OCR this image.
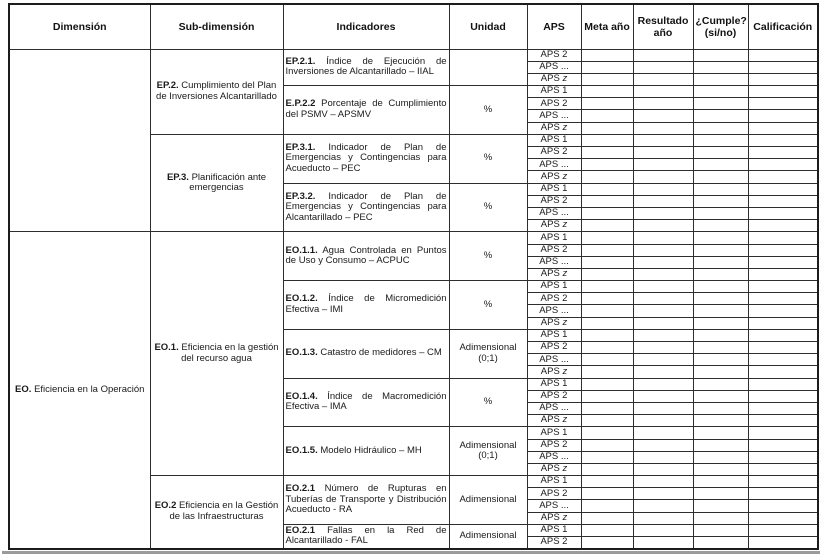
Dimensión	Sub-dimensión	Indicadores	Unidad	APS	Meta año	Resultado año	¿Cumple? (si/no)	Calificación
	EP.2. Cumplimiento del Plan de Inversiones Alcantarillado	EP.2.1. Índice de Ejecución de Inversiones de Alcantarillado – IIAL		APS 2				
				APS ...				
				APS z				
		E.P.2.2 Porcentaje de Cumplimiento del PSMV – APSMV	%	APS 1				
				APS 2				
				APS ...				
				APS z				
	EP.3. Planificación ante emergencias	EP.3.1. Indicador de Plan de Emergencias y Contingencias para Acueducto – PEC	%	APS 1				
				APS 2				
				APS ...				
				APS z				
		EP.3.2. Indicador de Plan de Emergencias y Contingencias para Alcantarillado – PEC	%	APS 1				
				APS 2				
				APS ...				
				APS z				
EO. Eficiencia en la Operación	EO.1. Eficiencia en la gestión del recurso agua	EO.1.1. Agua Controlada en Puntos de Uso y Consumo – ACPUC	%	APS 1				
				APS 2				
				APS ...				
				APS z				
		EO.1.2. Índice de Micromedición Efectiva – IMI	%	APS 1				
				APS 2				
				APS ...				
				APS z				
		EO.1.3. Catastro de medidores – CM	Adimensional (0;1)	APS 1				
				APS 2				
				APS ...				
				APS z				
		EO.1.4. Índice de Macromedición Efectiva – IMA	%	APS 1				
				APS 2				
				APS ...				
				APS z				
		EO.1.5. Modelo Hidráulico – MH	Adimensional (0;1)	APS 1				
				APS 2				
				APS ...				
				APS z				
	EO.2 Eficiencia en la Gestión de las Infraestructuras	EO.2.1 Número de Rupturas en Tuberías de Transporte y Distribución Acueducto - RA	Adimensional	APS 1				
				APS 2				
				APS ...				
				APS z				
		EO.2.1 Fallas en la Red de Alcantarillado - FAL	Adimensional	APS 1				
				APS 2				
